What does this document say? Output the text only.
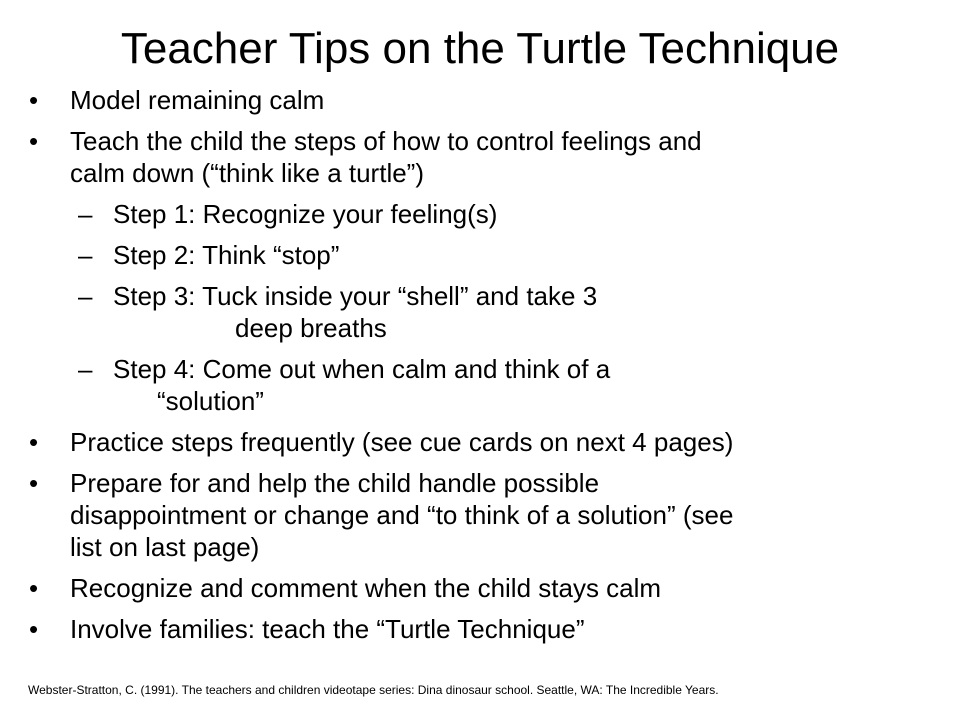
Teacher Tips on the Turtle Technique
• Model remaining calm
• Teach the child the steps of how to control feelings and
calm down (“think like a turtle”)
– Step 1: Recognize your feeling(s)
– Step 2: Think “stop”
– Step 3: Tuck inside your “shell” and take 3
deep breaths
– Step 4: Come out when calm and think of a
“solution”
• Practice steps frequently (see cue cards on next 4 pages)
• Prepare for and help the child handle possible
disappointment or change and “to think of a solution” (see
list on last page)
• Recognize and comment when the child stays calm
• Involve families: teach the “Turtle Technique”
Webster-Stratton, C. (1991). The teachers and children videotape series: Dina dinosaur school. Seattle, WA: The Incredible Years.
